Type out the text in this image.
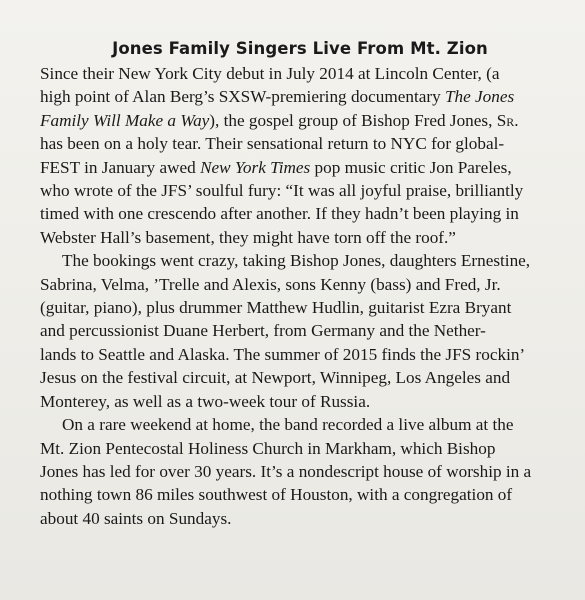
Jones Family Singers Live From Mt. Zion

Since their New York City debut in July 2014 at Lincoln Center, (a
high point of Alan Berg’s SXSW-premiering documentary The Jones
Family Will Make a Way), the gospel group of Bishop Fred Jones, Sr.
has been on a holy tear. Their sensational return to NYC for global-
FEST in January awed New York Times pop music critic Jon Pareles,
who wrote of the JFS’ soulful fury: “It was all joyful praise, brilliantly
timed with one crescendo after another. If they hadn’t been playing in
Webster Hall’s basement, they might have torn off the roof.”

The bookings went crazy, taking Bishop Jones, daughters Ernestine,
Sabrina, Velma, ’Trelle and Alexis, sons Kenny (bass) and Fred, Jr.
(guitar, piano), plus drummer Matthew Hudlin, guitarist Ezra Bryant
and percussionist Duane Herbert, from Germany and the Nether-
lands to Seattle and Alaska. The summer of 2015 finds the JFS rockin’
Jesus on the festival circuit, at Newport, Winnipeg, Los Angeles and
Monterey, as well as a two-week tour of Russia.

On a rare weekend at home, the band recorded a live album at the
Mt. Zion Pentecostal Holiness Church in Markham, which Bishop
Jones has led for over 30 years. It’s a nondescript house of worship in a
nothing town 86 miles southwest of Houston, with a congregation of
about 40 saints on Sundays.
